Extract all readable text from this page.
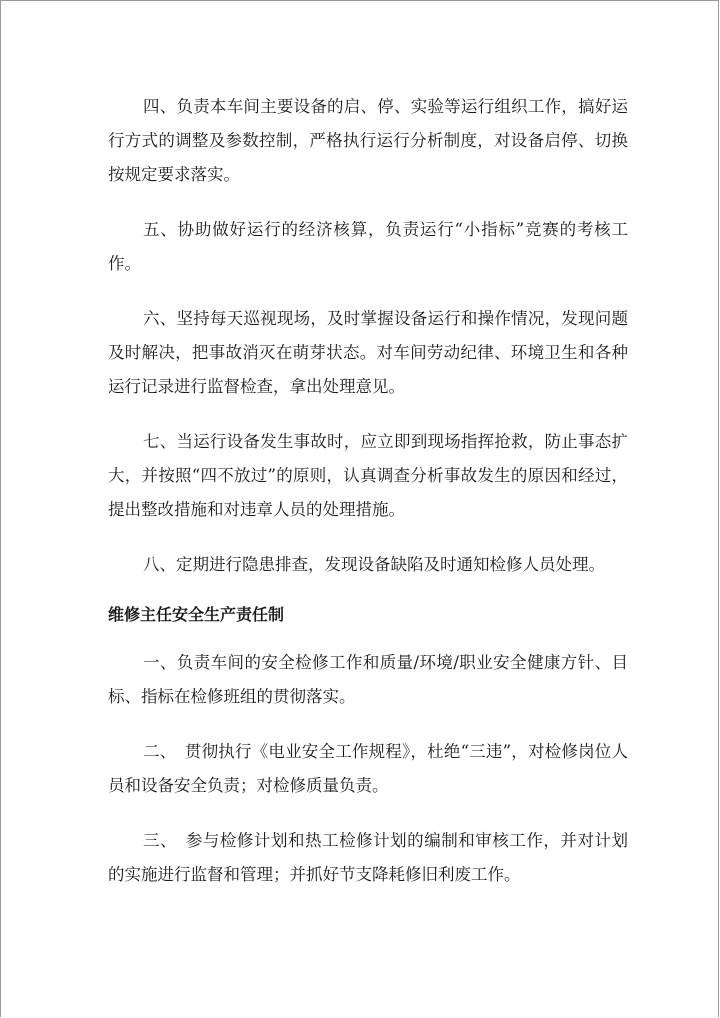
四、负责本车间主要设备的启、停、实验等运行组织工作，搞好运行方式的调整及参数控制，严格执行运行分析制度，对设备启停、切换按规定要求落实。

五、协助做好运行的经济核算，负责运行“小指标”竞赛的考核工作。

六、坚持每天巡视现场，及时掌握设备运行和操作情况，发现问题及时解决，把事故消灭在萌芽状态。对车间劳动纪律、环境卫生和各种运行记录进行监督检查，拿出处理意见。

七、当运行设备发生事故时，应立即到现场指挥抢救，防止事态扩大，并按照“四不放过”的原则，认真调查分析事故发生的原因和经过，提出整改措施和对违章人员的处理措施。

八、定期进行隐患排查，发现设备缺陷及时通知检修人员处理。

维修主任安全生产责任制

一、负责车间的安全检修工作和质量/环境/职业安全健康方针、目标、指标在检修班组的贯彻落实。

二、　贯彻执行《电业安全工作规程》，杜绝“三违”，对检修岗位人员和设备安全负责；对检修质量负责。

三、　参与检修计划和热工检修计划的编制和审核工作，并对计划的实施进行监督和管理；并抓好节支降耗修旧利废工作。
